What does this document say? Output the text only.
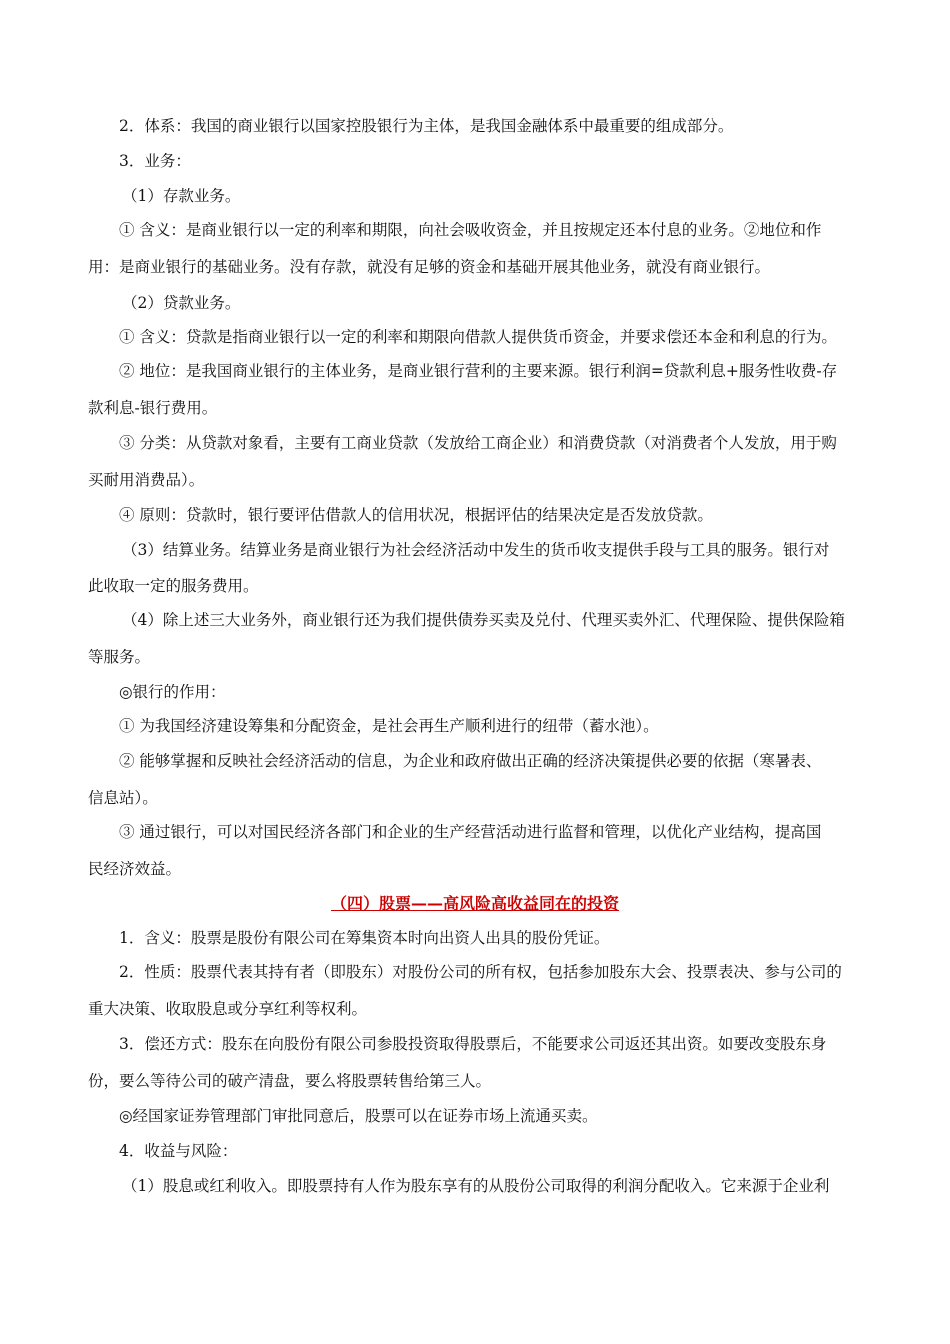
2．体系：我国的商业银行以国家控股银行为主体，是我国金融体系中最重要的组成部分。
3．业务：
（1）存款业务。
① 含义：是商业银行以一定的利率和期限，向社会吸收资金，并且按规定还本付息的业务。②地位和作
用：是商业银行的基础业务。没有存款，就没有足够的资金和基础开展其他业务，就没有商业银行。
（2）贷款业务。
① 含义：贷款是指商业银行以一定的利率和期限向借款人提供货币资金，并要求偿还本金和利息的行为。
② 地位：是我国商业银行的主体业务，是商业银行营利的主要来源。银行利润=贷款利息+服务性收费-存
款利息-银行费用。
③ 分类：从贷款对象看，主要有工商业贷款（发放给工商企业）和消费贷款（对消费者个人发放，用于购
买耐用消费品）。
④ 原则：贷款时，银行要评估借款人的信用状况，根据评估的结果决定是否发放贷款。
（3）结算业务。结算业务是商业银行为社会经济活动中发生的货币收支提供手段与工具的服务。银行对
此收取一定的服务费用。
（4）除上述三大业务外，商业银行还为我们提供债券买卖及兑付、代理买卖外汇、代理保险、提供保险箱
等服务。
◎银行的作用：
① 为我国经济建设筹集和分配资金，是社会再生产顺利进行的纽带（蓄水池）。
② 能够掌握和反映社会经济活动的信息，为企业和政府做出正确的经济决策提供必要的依据（寒暑表、
信息站）。
③ 通过银行，可以对国民经济各部门和企业的生产经营活动进行监督和管理，以优化产业结构，提高国
民经济效益。
（四）股票——高风险高收益同在的投资
1．含义：股票是股份有限公司在筹集资本时向出资人出具的股份凭证。
2．性质：股票代表其持有者（即股东）对股份公司的所有权，包括参加股东大会、投票表决、参与公司的
重大决策、收取股息或分享红利等权利。
3．偿还方式：股东在向股份有限公司参股投资取得股票后，不能要求公司返还其出资。如要改变股东身
份，要么等待公司的破产清盘，要么将股票转售给第三人。
◎经国家证券管理部门审批同意后，股票可以在证券市场上流通买卖。
4．收益与风险：
（1）股息或红利收入。即股票持有人作为股东享有的从股份公司取得的利润分配收入。它来源于企业利
